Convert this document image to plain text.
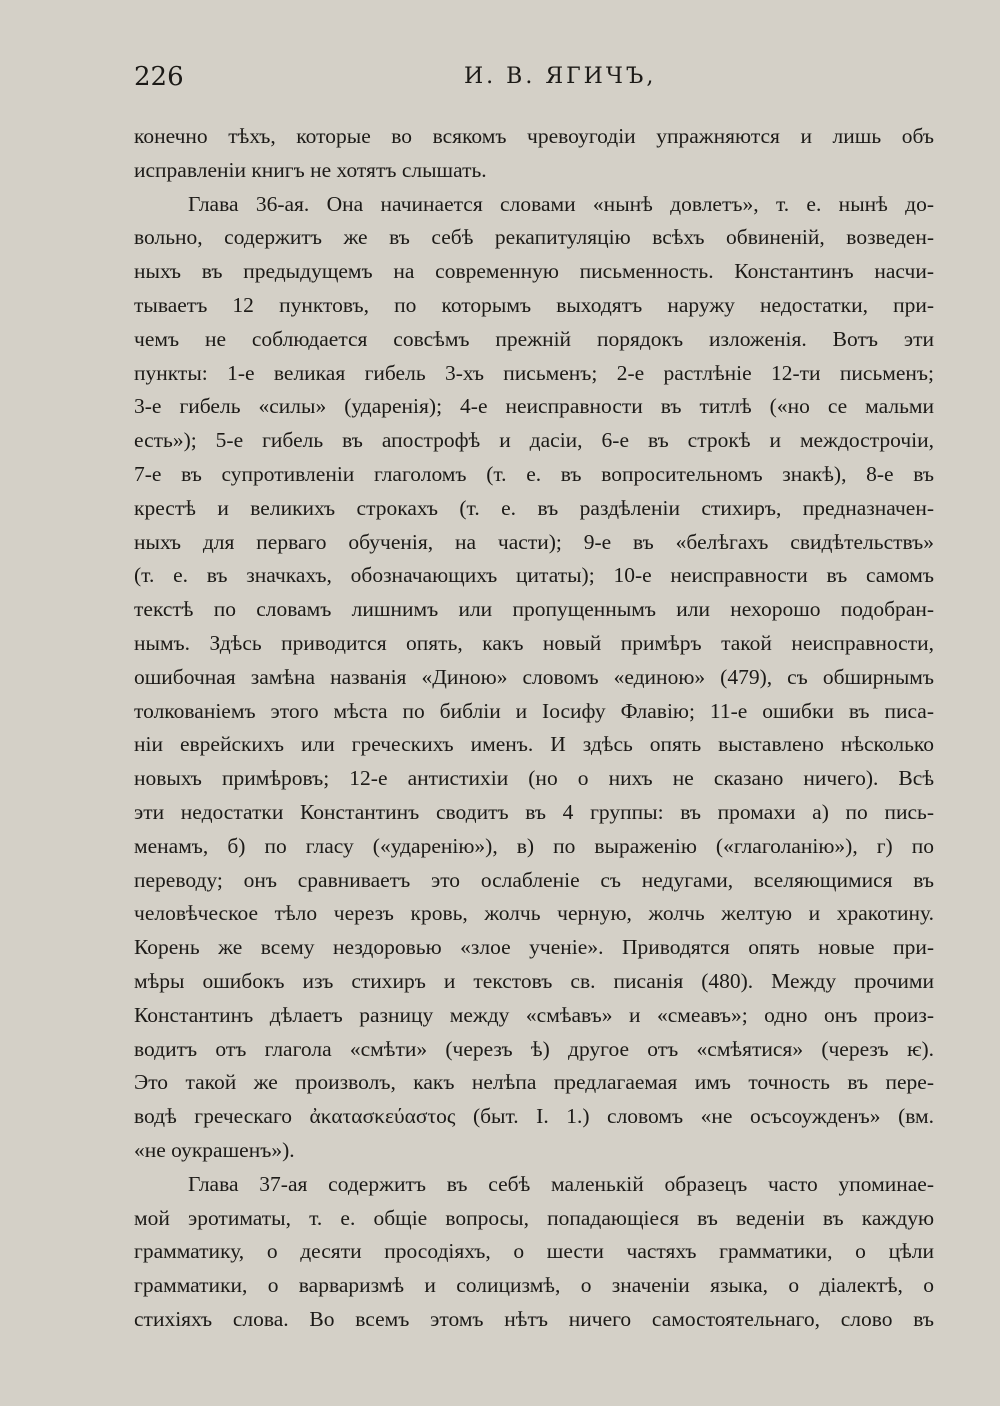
226	И. В. ЯГИЧЪ,
конечно тѣхъ, которые во всякомъ чревоугодіи упражняются и лишь объ
исправленіи книгъ не хотятъ слышать.
Глава 36-ая. Она начинается словами «нынѣ довлетъ», т. е. нынѣ до-
вольно, содержитъ же въ себѣ рекапитуляцію всѣхъ обвиненій, возведен-
ныхъ въ предыдущемъ на современную письменность. Константинъ насчи-
тываетъ 12 пунктовъ, по которымъ выходятъ наружу недостатки, при-
чемъ не соблюдается совсѣмъ прежній порядокъ изложенія. Вотъ эти
пункты: 1-е великая гибель 3-хъ письменъ; 2-е растлѣніе 12-ти письменъ;
3-е гибель «силы» (ударенія); 4-е неисправности въ титлѣ («но се мальми
есть»); 5-е гибель въ апострофѣ и дасіи, 6-е въ строкѣ и междострочіи,
7-е въ супротивленіи глаголомъ (т. е. въ вопросительномъ знакѣ), 8-е въ
крестѣ и великихъ строкахъ (т. е. въ раздѣленіи стихиръ, предназначен-
ныхъ для перваго обученія, на части); 9-е въ «белѣгахъ свидѣтельствъ»
(т. е. въ значкахъ, обозначающихъ цитаты); 10-е неисправности въ самомъ
текстѣ по словамъ лишнимъ или пропущеннымъ или нехорошо подобран-
нымъ. Здѣсь приводится опять, какъ новый примѣръ такой неисправности,
ошибочная замѣна названія «Диною» словомъ «единою» (479), съ обширнымъ
толкованіемъ этого мѣста по библіи и Іосифу Флавію; 11-е ошибки въ писа-
ніи еврейскихъ или греческихъ именъ. И здѣсь опять выставлено нѣсколько
новыхъ примѣровъ; 12-е антистихіи (но о нихъ не сказано ничего). Всѣ
эти недостатки Константинъ сводитъ въ 4 группы: въ промахи а) по пись-
менамъ, б) по гласу («ударенію»), в) по выраженію («глаголанію»), г) по
переводу; онъ сравниваетъ это ослабленіе съ недугами, вселяющимися въ
человѣческое тѣло черезъ кровь, жолчь черную, жолчь желтую и хракотину.
Корень же всему нездоровью «злое ученіе». Приводятся опять новые при-
мѣры ошибокъ изъ стихиръ и текстовъ св. писанія (480). Между прочими
Константинъ дѣлаетъ разницу между «смѣавъ» и «смеавъ»; одно онъ произ-
водитъ отъ глагола «смѣти» (черезъ ѣ) другое отъ «смѣятися» (черезъ ѥ).
Это такой же произволъ, какъ нелѣпа предлагаемая имъ точность въ пере-
водѣ греческаго ἀκατασκεύαστος (быт. I. 1.) словомъ «не осъсоужденъ» (вм.
«не оукрашенъ»).
Глава 37-ая содержитъ въ себѣ маленькій образецъ часто упоминае-
мой эротиматы, т. е. общіе вопросы, попадающіеся въ веденіи въ каждую
грамматику, о десяти просодіяхъ, о шести частяхъ грамматики, о цѣли
грамматики, о варваризмѣ и солицизмѣ, о значеніи языка, о діалектѣ, о
стихіяхъ слова. Во всемъ этомъ нѣтъ ничего самостоятельнаго, слово въ
